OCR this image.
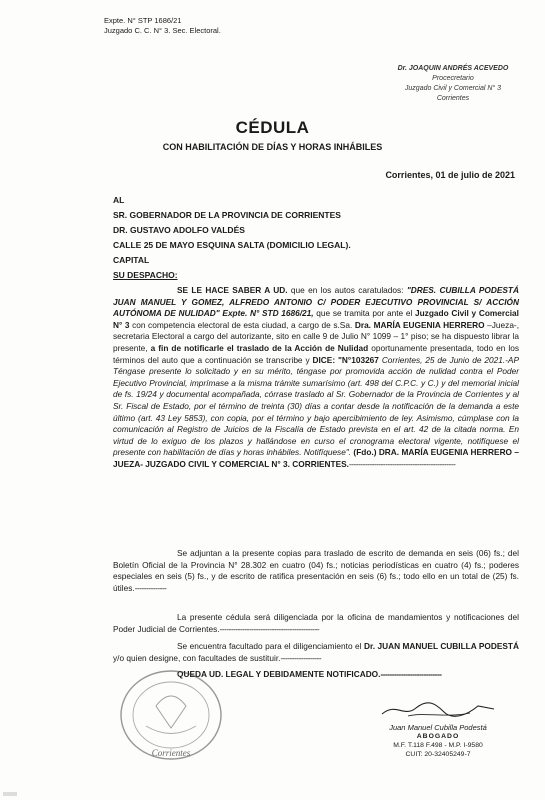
Expte. N° STP 1686/21
Juzgado C. C. N° 3. Sec. Electoral.
Dr. JOAQUIN ANDRÉS ACEVEDO
Procecretario
Juzgado Civil y Comercial N° 3
Corrientes
CÉDULA
CON HABILITACIÓN DE DÍAS Y HORAS INHÁBILES
Corrientes, 01 de julio de 2021
AL
SR. GOBERNADOR DE LA PROVINCIA DE CORRIENTES
DR. GUSTAVO ADOLFO VALDÉS
CALLE 25 DE MAYO ESQUINA SALTA (DOMICILIO LEGAL).
CAPITAL
SU DESPACHO:
SE LE HACE SABER A UD. que en los autos caratulados: "DRES. CUBILLA PODESTÁ JUAN MANUEL Y GOMEZ, ALFREDO ANTONIO C/ PODER EJECUTIVO PROVINCIAL S/ ACCIÓN AUTÓNOMA DE NULIDAD" Expte. N° STD 1686/21, que se tramita por ante el Juzgado Civil y Comercial N° 3 con competencia electoral de esta ciudad, a cargo de s.Sa. Dra. MARÍA EUGENIA HERRERO –Jueza-, secretaria Electoral a cargo del autorizante, sito en calle 9 de Julio N° 1099 – 1° piso; se ha dispuesto librar la presente, a fin de notificarle el traslado de la Acción de Nulidad oportunamente presentada, todo en los términos del auto que a continuación se transcribe y DICE: "N°103267 Corrientes, 25 de Junio de 2021.-AP Téngase presente lo solicitado y en su mérito, téngase por promovida acción de nulidad contra el Poder Ejecutivo Provincial, imprímase a la misma trámite sumarísimo (art. 498 del C.P.C. y C.) y del memorial inicial de fs. 19/24 y documental acompañada, córrase traslado al Sr. Gobernador de la Provincia de Corrientes y al Sr. Fiscal de Estado, por el término de treinta (30) días a contar desde la notificación de la demanda a este último (art. 43 Ley 5853), con copia, por el término y bajo apercibimiento de ley. Asimismo, cúmplase con la comunicación al Registro de Juicios de la Fiscalía de Estado prevista en el art. 42 de la citada norma. En virtud de lo exiguo de los plazos y hallándose en curso el cronograma electoral vigente, notifíquese el presente con habilitación de días y horas inhábiles. Notifíquese". (Fdo.) DRA. MARÍA EUGENIA HERRERO –JUEZA- JUZGADO CIVIL Y COMERCIAL N° 3. CORRIENTES.-----------------------------------------------
Se adjuntan a la presente copias para traslado de escrito de demanda en seis (06) fs.; del Boletín Oficial de la Provincia N° 28.302 en cuatro (04) fs.; noticias periodísticas en cuatro (4) fs.; poderes especiales en seis (5) fs., y de escrito de ratifica presentación en seis (6) fs.; todo ello en un total de (25) fs. útiles.--------------
La presente cédula será diligenciada por la oficina de mandamientos y notificaciones del Poder Judicial de Corrientes.--------------------------------------------
Se encuentra facultado para el diligenciamiento el Dr. JUAN MANUEL CUBILLA PODESTÁ y/o quien designe, con facultades de sustituir.------------------
QUEDA UD. LEGAL Y DEBIDAMENTE NOTIFICADO.---------------------------
Corrientes
Juan Manuel Cubilla Podestá
ABOGADO
M.F. T.118 F.498 - M.P. I-9580
CUIT: 20-32405249-7
